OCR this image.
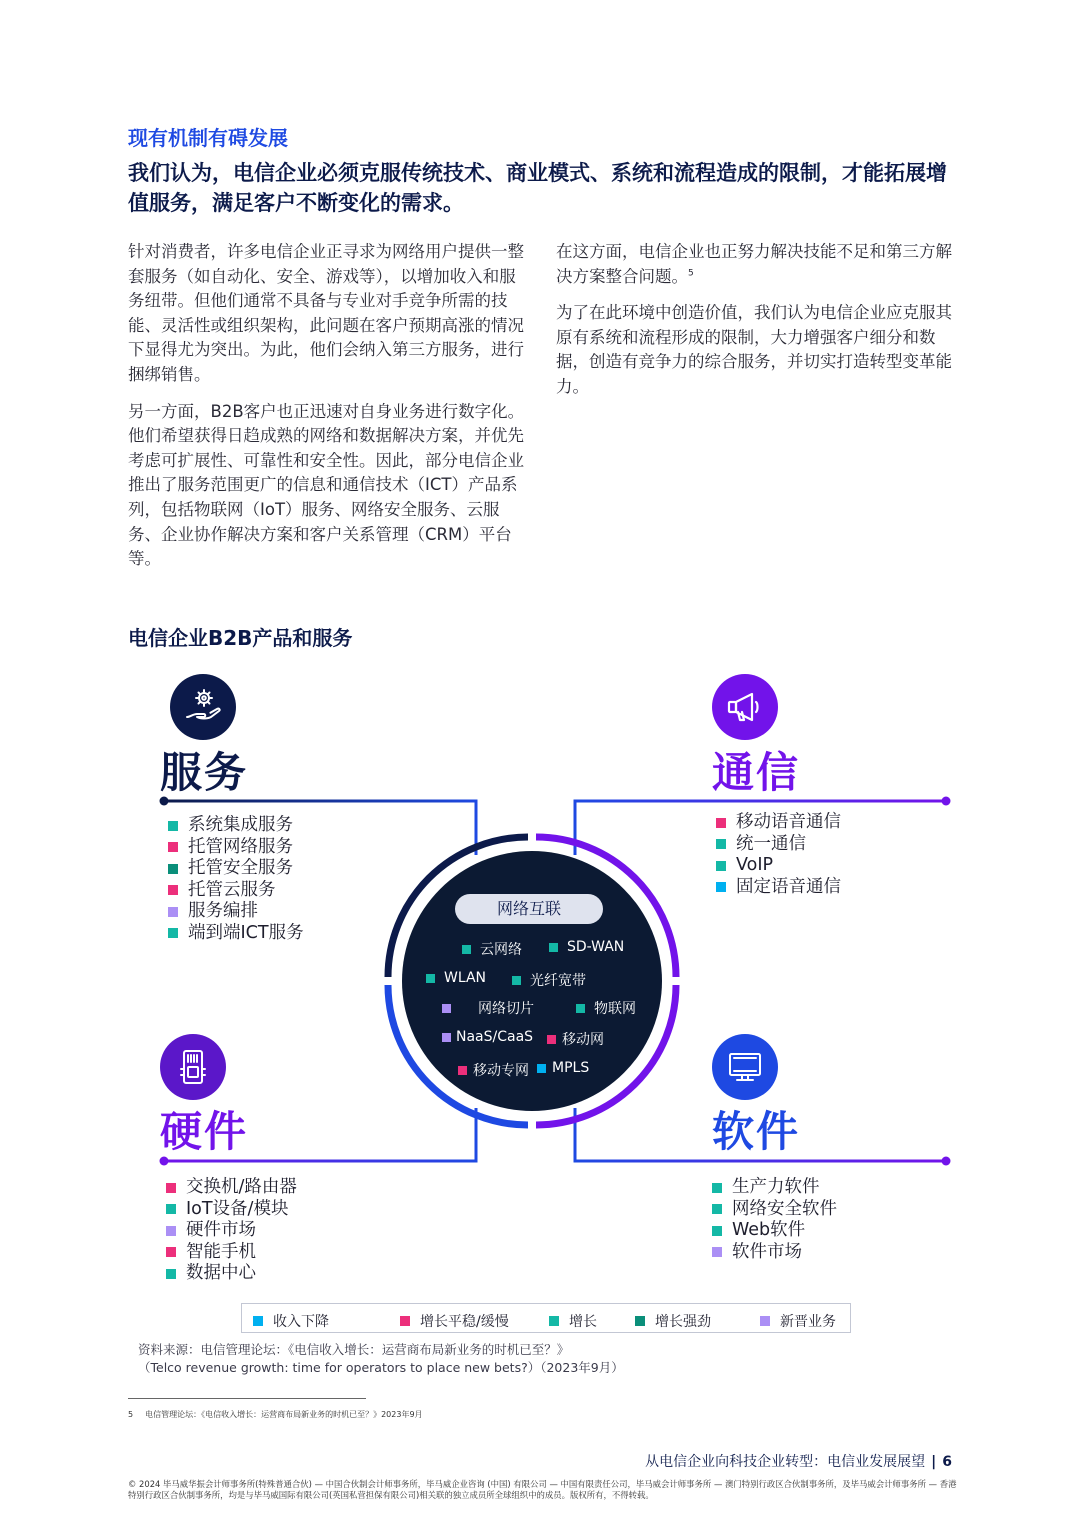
现有机制有碍发展
我们认为，电信企业必须克服传统技术、商业模式、系统和流程造成的限制，才能拓展增值服务，满足客户不断变化的需求。

针对消费者，许多电信企业正寻求为网络用户提供一整套服务（如自动化、安全、游戏等），以增加收入和服务纽带。但他们通常不具备与专业对手竞争所需的技能、灵活性或组织架构，此问题在客户预期高涨的情况下显得尤为突出。为此，他们会纳入第三方服务，进行捆绑销售。

另一方面，B2B客户也正迅速对自身业务进行数字化。他们希望获得日趋成熟的网络和数据解决方案，并优先考虑可扩展性、可靠性和安全性。因此，部分电信企业推出了服务范围更广的信息和通信技术（ICT）产品系列，包括物联网（IoT）服务、网络安全服务、云服务、企业协作解决方案和客户关系管理（CRM）平台等。

在这方面，电信企业也正努力解决技能不足和第三方解决方案整合问题。$^5$

为了在此环境中创造价值，我们认为电信企业应克服其原有系统和流程形成的限制，大力增强客户细分和数据，创造有竞争力的综合服务，并切实打造转型变革能力。

电信企业B2B产品和服务
服务
系统集成服务
托管网络服务
托管安全服务
托管云服务
服务编排
端到端ICT服务
通信
移动语音通信
统一通信
VoIP
固定语音通信
硬件
交换机/路由器
IoT设备/模块
硬件市场
智能手机
数据中心
软件
生产力软件
网络安全软件
Web软件
软件市场
网络互联
云网络	SD-WAN
WLAN	光纤宽带
网络切片	物联网
NaaS/CaaS 移动网
移动专网 MPLS
收入下降	增长平稳/缓慢	增长	增长强劲	新晋业务
资料来源：电信管理论坛：《电信收入增长：运营商布局新业务的时机已至？》
（Telco revenue growth: time for operators to place new bets?）（2023年9月）
5 电信管理论坛：《电信收入增长：运营商布局新业务的时机已至？》2023年9月
从电信企业向科技企业转型：电信业发展展望 | 6
© 2024 毕马威华振会计师事务所(特殊普通合伙) — 中国合伙制会计师事务所，毕马威企业咨询 (中国) 有限公司 — 中国有限责任公司，毕马威会计师事务所 — 澳门特别行政区合伙制事务所，及毕马威会计师事务所 — 香港特别行政区合伙制事务所，均是与毕马威国际有限公司(英国私营担保有限公司)相关联的独立成员所全球组织中的成员。版权所有，不得转载。
